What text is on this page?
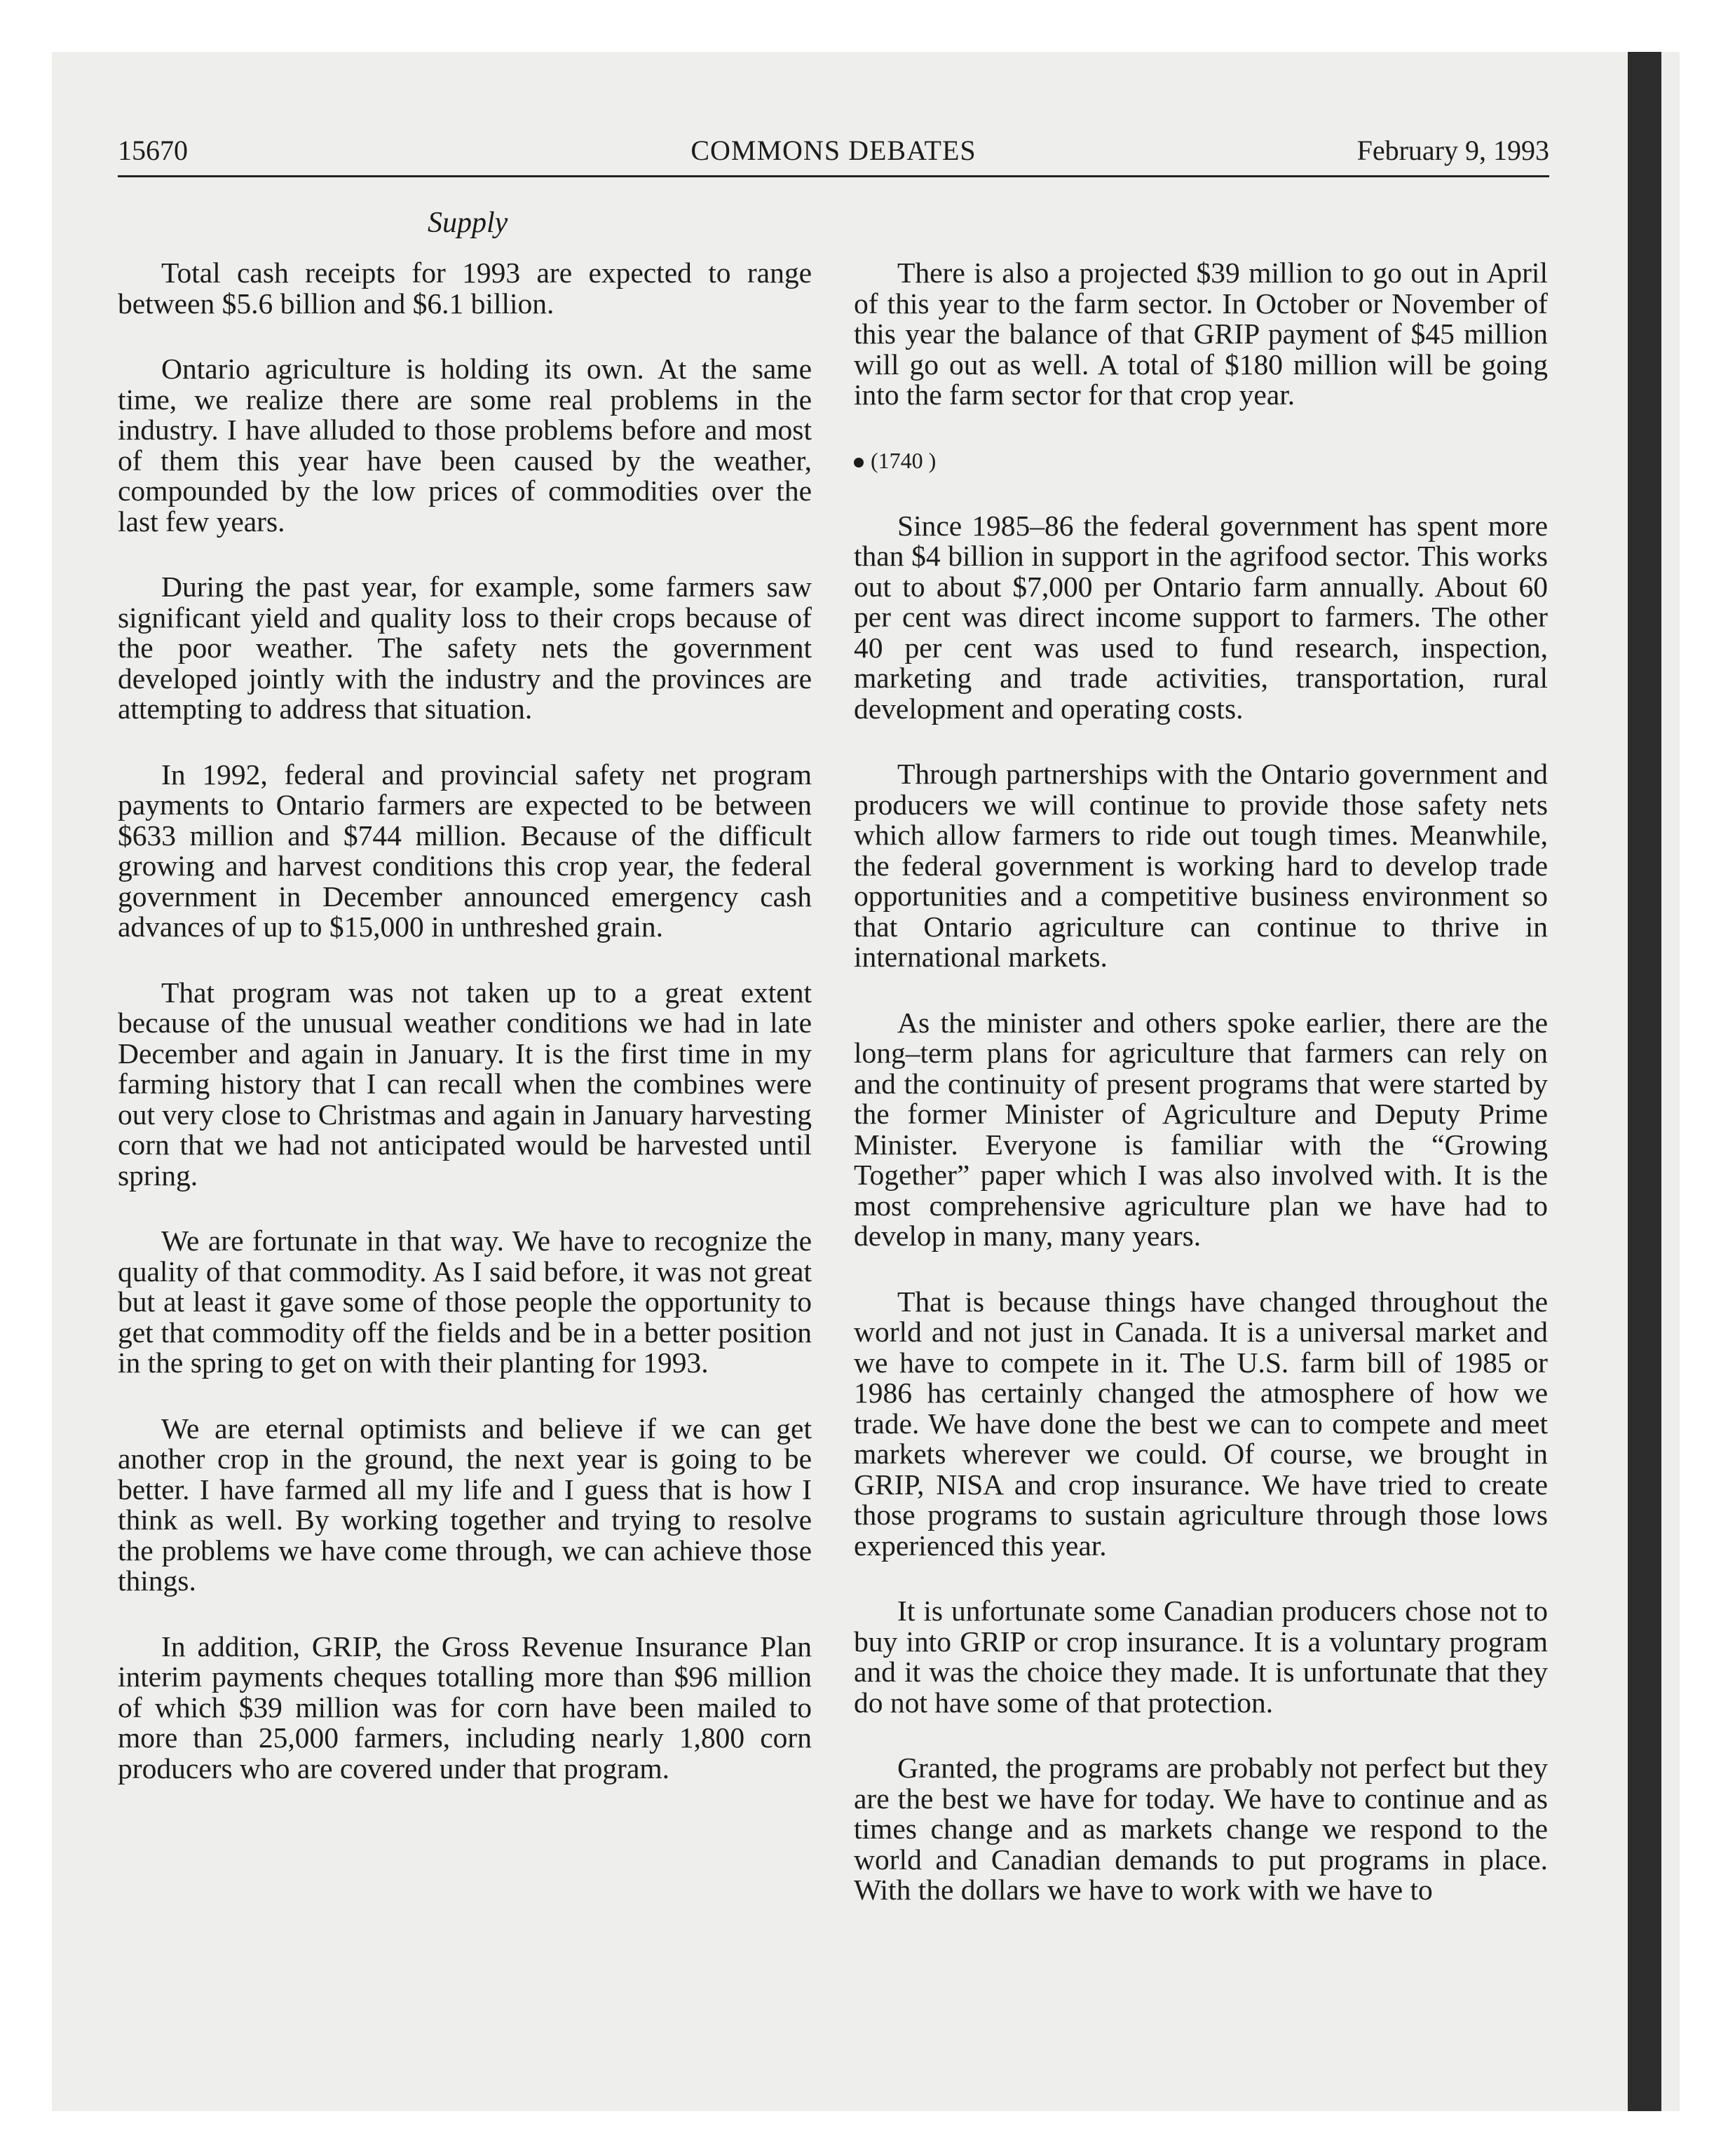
15670	COMMONS DEBATES	February 9, 1993
Supply

Total cash receipts for 1993 are expected to range between $5.6 billion and $6.1 billion.

Ontario agriculture is holding its own. At the same time, we realize there are some real problems in the industry. I have alluded to those problems before and most of them this year have been caused by the weather, compounded by the low prices of commodities over the last few years.

During the past year, for example, some farmers saw significant yield and quality loss to their crops because of the poor weather. The safety nets the government developed jointly with the industry and the provinces are attempting to address that situation.

In 1992, federal and provincial safety net program payments to Ontario farmers are expected to be between $633 million and $744 million. Because of the difficult growing and harvest conditions this crop year, the federal government in December announced emergency cash advances of up to $15,000 in unthreshed grain.

That program was not taken up to a great extent because of the unusual weather conditions we had in late December and again in January. It is the first time in my farming history that I can recall when the combines were out very close to Christmas and again in January harvesting corn that we had not anticipated would be harvested until spring.

We are fortunate in that way. We have to recognize the quality of that commodity. As I said before, it was not great but at least it gave some of those people the opportunity to get that commodity off the fields and be in a better position in the spring to get on with their planting for 1993.

We are eternal optimists and believe if we can get another crop in the ground, the next year is going to be better. I have farmed all my life and I guess that is how I think as well. By working together and trying to resolve the problems we have come through, we can achieve those things.

In addition, GRIP, the Gross Revenue Insurance Plan interim payments cheques totalling more than $96 million of which $39 million was for corn have been mailed to more than 25,000 farmers, including nearly 1,800 corn producers who are covered under that program.

There is also a projected $39 million to go out in April of this year to the farm sector. In October or November of this year the balance of that GRIP payment of $45 million will go out as well. A total of $180 million will be going into the farm sector for that crop year.

(1740 )

Since 1985–86 the federal government has spent more than $4 billion in support in the agrifood sector. This works out to about $7,000 per Ontario farm annually. About 60 per cent was direct income support to farmers. The other 40 per cent was used to fund research, inspection, marketing and trade activities, transportation, rural development and operating costs.

Through partnerships with the Ontario government and producers we will continue to provide those safety nets which allow farmers to ride out tough times. Meanwhile, the federal government is working hard to develop trade opportunities and a competitive business environment so that Ontario agriculture can continue to thrive in international markets.

As the minister and others spoke earlier, there are the long–term plans for agriculture that farmers can rely on and the continuity of present programs that were started by the former Minister of Agriculture and Deputy Prime Minister. Everyone is familiar with the “Growing Together” paper which I was also involved with. It is the most comprehensive agriculture plan we have had to develop in many, many years.

That is because things have changed throughout the world and not just in Canada. It is a universal market and we have to compete in it. The U.S. farm bill of 1985 or 1986 has certainly changed the atmosphere of how we trade. We have done the best we can to compete and meet markets wherever we could. Of course, we brought in GRIP, NISA and crop insurance. We have tried to create those programs to sustain agriculture through those lows experienced this year.

It is unfortunate some Canadian producers chose not to buy into GRIP or crop insurance. It is a voluntary program and it was the choice they made. It is unfortunate that they do not have some of that protection.

Granted, the programs are probably not perfect but they are the best we have for today. We have to continue and as times change and as markets change we respond to the world and Canadian demands to put programs in place. With the dollars we have to work with we have to
